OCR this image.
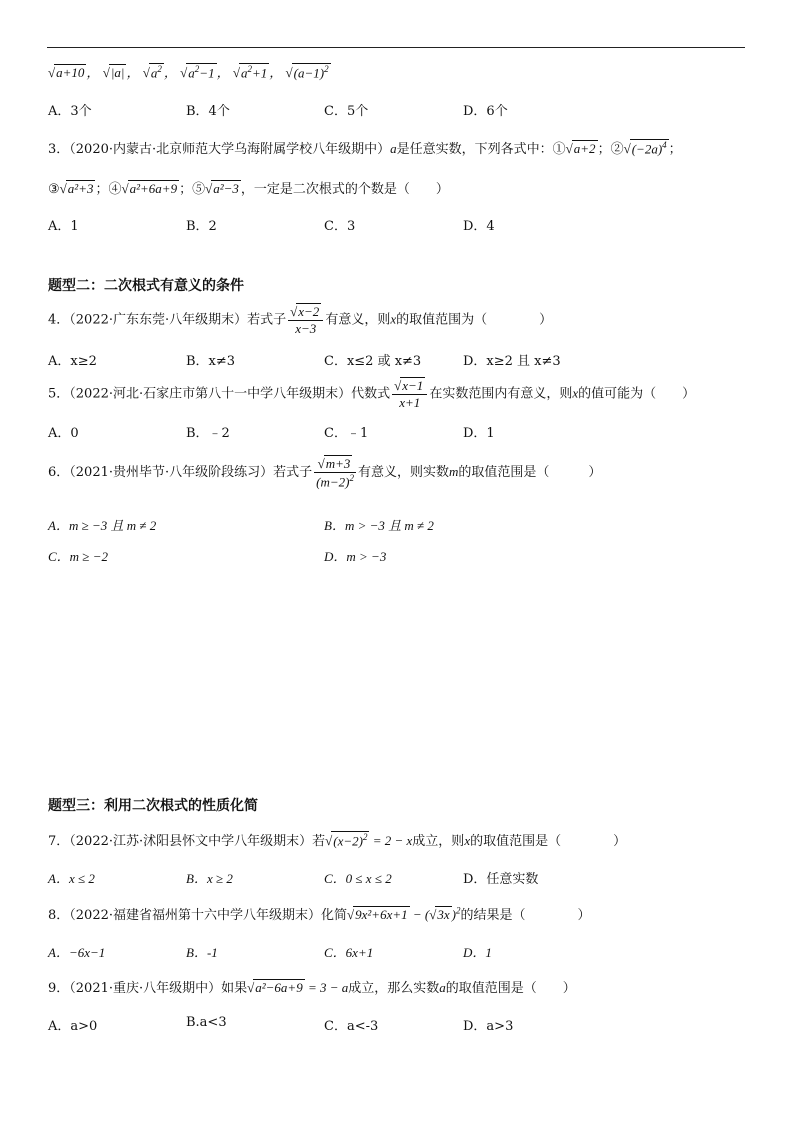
√a+10 ， √|a| ， $√a^2$ ， $√a^2-1$ ， $√a^2+1$ ， $√(a-1)^2$
A．3个	B．4个	C．5个	D．6个
3．（2020·内蒙古·北京师范大学乌海附属学校八年级期中）a是任意实数，下列各式中：①√a+2 ；$②√(-2a)^4$ ；
③√a²+3 ；④√a²+6a+9 ；⑤√a²−3 ，一定是二次根式的个数是（　　）
A．1	B．2	C．3	D．4
题型二：二次根式有意义的条件
4．（2022·广东东莞·八年级期末）若式子 $\frac{√x-2}{x-3}$ 有意义，则x的取值范围为（　　　　）
A．x≥2	B．x≠3	C．x≤2 或 x≠3	D．x≥2 且 x≠3
5．（2022·河北·石家庄市第八十一中学八年级期末）代数式 $\frac{√x-1}{x+1}$ 在实数范围内有意义，则x的值可能为（　　）
A．0	B．﹣2	C．﹣1	D．1
6．（2021·贵州毕节·八年级阶段练习）若式子 $\frac{√m+3}{(m-2)^2}$ 有意义，则实数m的取值范围是（　　　）
A．m ≥ −3 且 m ≠ 2	B．m > −3 且 m ≠ 2
C．m ≥ −2	D．m > −3
题型三：利用二次根式的性质化简
7．（2022·江苏·沭阳县怀文中学八年级期末）若$√(x-2)^2 = 2 - x$成立，则x的取值范围是（　　　　）
A．x ≤ 2	B．x ≥ 2	C．0 ≤ x ≤ 2	D．任意实数
8．（2022·福建省福州第十六中学八年级期末）化简√9x²+6x+1 − (√3x )$^2$的结果是（　　　　）
A．−6x−1	B．-1	C．6x+1	D．1
9．（2021·重庆·八年级期中）如果√a²−6a+9 = 3 − a成立，那么实数a的取值范围是（　　）
A．a>0	B.a<3	C．a<-3	D．a>3
